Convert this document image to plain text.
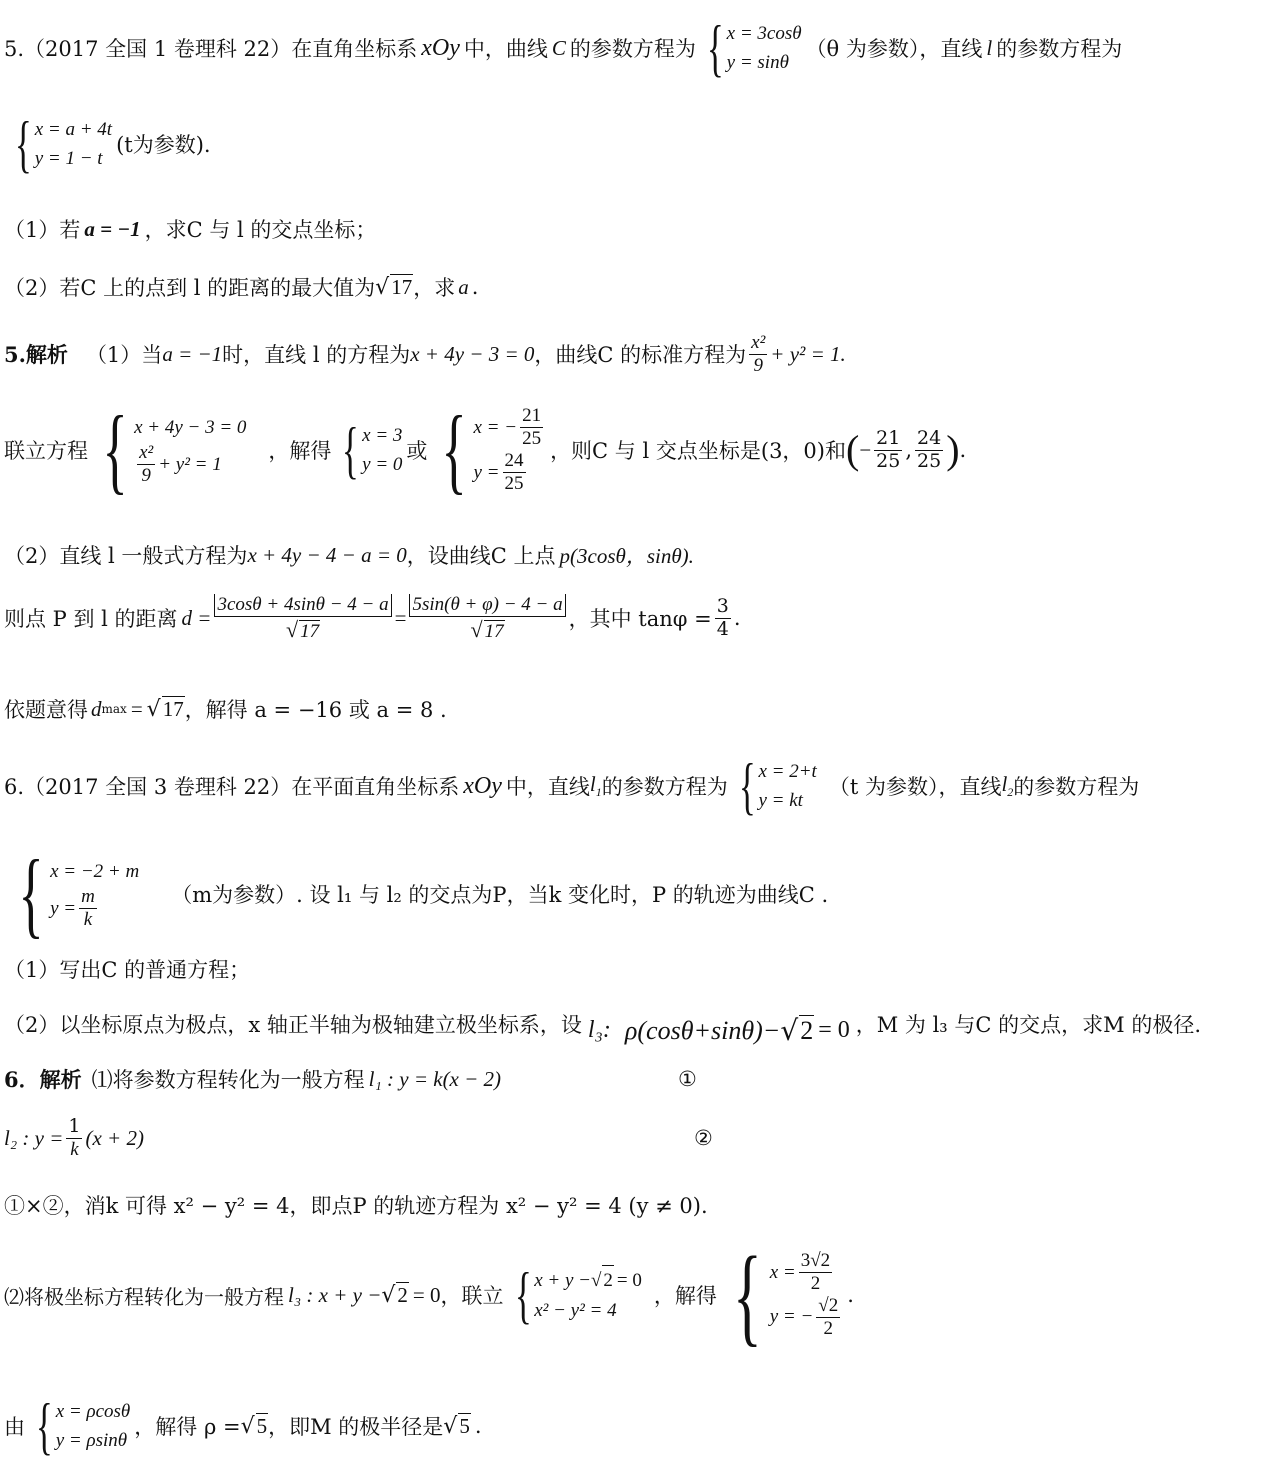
5.（2017 全国 1 卷理科 22）在直角坐标系 xOy 中，曲线 C 的参数方程为 { x = 3cosθ
y = sinθ
（θ 为参数），直线 l 的参数方程为
{ x = a + 4t
y = 1 − t
(t为参数).
（1）若 a = −1 ，求C 与 l 的交点坐标；
（2）若C 上的点到 l 的距离的最大值为 √ 17 ，求 a .
5.解析 （1）当 a = −1 时，直线 l 的方程为 x + 4y − 3 = 0 ，曲线C 的标准方程为 $\frac{\text{x²}}{9} + y^2 = 1$.
联立方程 { x + 4y − 3 = 0
$\frac{\text{x²}}{9} + y^2 = 1$
，解得 { x = 3
y = 0
或 { x = − $\frac{21}{25}$
$y = \frac{24}{25}$ ，则C 与 l 交点坐标是(3，0)和 ( − $\frac{21}{25}$ , $\frac{24}{25}$ ) .
（2）直线 l 一般式方程为 x + 4y − 4 − a = 0 ，设曲线C 上点 p(3cosθ，sinθ).
则点 P 到 l 的距离 $d = \frac{3\cos\theta + 4\sin\theta - 4 - a}{√ 17} = \frac{5\sin(\theta + \varphi) - 4 - a}{√ 17}$ ，其中 $\tan\varphi = \frac{3}{4}$ .
依题意得 d max = √ 17 ，解得 a = −16 或 a = 8 .
6.（2017 全国 3 卷理科 22）在平面直角坐标系 xOy 中，直线 $l_1$ 的参数方程为 { x = 2+t
y = kt
（t 为参数），直线 $l_2$ 的参数方程为
{ x = −2 + m
$y = \frac{m}{k}$	（m为参数）. 设 l₁ 与 l₂ 的交点为P，当k 变化时，P 的轨迹为曲线C .
（1）写出C 的普通方程；
（2）以坐标原点为极点，x 轴正半轴为极轴建立极坐标系，设 l₃: ρ(cosθ+sinθ)− √ 2 = 0 ，M 为 l₃ 与C 的交点，求M 的极径.
6．解析 ⑴将参数方程转化为一般方程 l₁ : y = k(x − 2)	①
l₂ : $y = \frac{1}{k} (x + 2)$	②
①×②，消k 可得 x² − y² = 4，即点P 的轨迹方程为 x² − y² = 4 (y ≠ 0).
⑵将极坐标方程转化为一般方程 l₃ : x + y − √ 2 = 0 ，联立 { x + y − √ 2 = 0
x² − y² = 4
，解得 { $x = \frac{3√2}{2}$
y = − $\frac{√2}{2}$ .
由 { x = ρcosθ
y = ρsinθ
，解得 ρ = √ 5 ，即M 的极半径是 √ 5 .
